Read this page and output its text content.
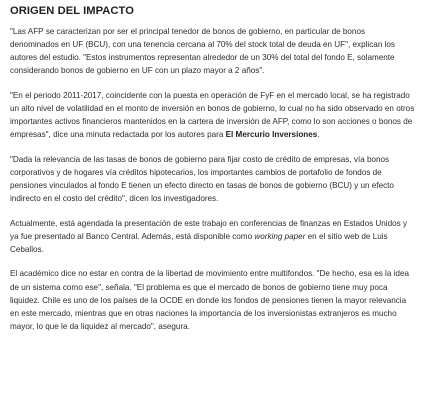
ORIGEN DEL IMPACTO

"Las AFP se caracterizan por ser el principal tenedor de bonos de gobierno, en particular de bonos denominados en UF (BCU), con una tenencia cercana al 70% del stock total de deuda en UF", explican los autores del estudio. "Estos instrumentos representan alrededor de un 30% del total del fondo E, solamente considerando bonos de gobierno en UF con un plazo mayor a 2 años".

"En el periodo 2011-2017, coincidente con la puesta en operación de FyF en el mercado local, se ha registrado un alto nivel de volatilidad en el monto de inversión en bonos de gobierno, lo cual no ha sido observado en otros importantes activos financieros mantenidos en la cartera de inversión de AFP, como lo son acciones o bonos de empresas", dice una minuta redactada por los autores para El Mercurio Inversiones.

"Dada la relevancia de las tasas de bonos de gobierno para fijar costo de crédito de empresas, vía bonos corporativos y de hogares vía créditos hipotecarios, los importantes cambios de portafolio de fondos de pensiones vinculados al fondo E tienen un efecto directo en tasas de bonos de gobierno (BCU) y un efecto indirecto en el costo del crédito", dicen los investigadores.

Actualmente, está agendada la presentación de este trabajo en conferencias de finanzas en Estados Unidos y ya fue presentado al Banco Central. Además, está disponible como working paper en el sitio web de Luis Ceballos.

El académico dice no estar en contra de la libertad de movimiento entre multifondos. "De hecho, esa es la idea de un sistema como ese", señala. "El problema es que el mercado de bonos de gobierno tiene muy poca liquidez. Chile es uno de los países de la OCDE en donde los fondos de pensiones tienen la mayor relevancia en este mercado, mientras que en otras naciones la importancia de los inversionistas extranjeros es mucho mayor, lo que le da liquidez al mercado", asegura.
